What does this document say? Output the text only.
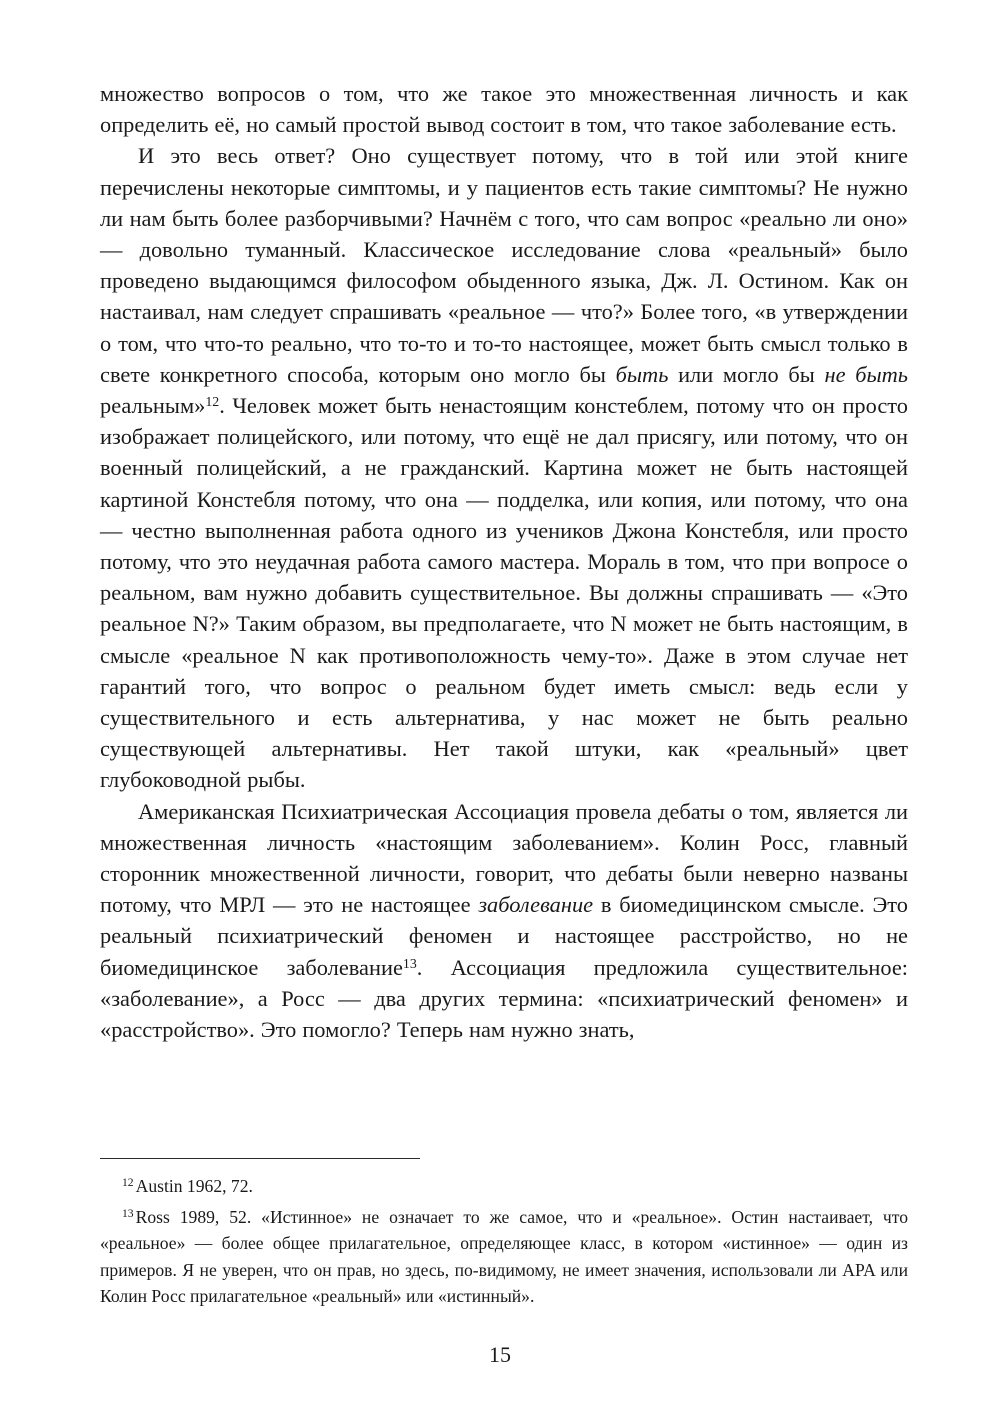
множество вопросов о том, что же такое это множественная личность и как определить её, но самый простой вывод состоит в том, что такое заболевание есть.

И это весь ответ? Оно существует потому, что в той или этой книге перечислены некоторые симптомы, и у пациентов есть такие симптомы? Не нужно ли нам быть более разборчивыми? Начнём с того, что сам вопрос «реально ли оно» — довольно туманный. Классическое исследование слова «реальный» было проведено выдающимся философом обыденного языка, Дж. Л. Остином. Как он настаивал, нам следует спрашивать «реальное — что?» Более того, «в утверждении о том, что что-то реально, что то-то и то-то настоящее, может быть смысл только в свете конкретного способа, которым оно могло бы быть или могло бы не быть реальным»$^{12}$. Человек может быть ненастоящим констеблем, потому что он просто изображает полицейского, или потому, что ещё не дал присягу, или потому, что он военный полицейский, а не гражданский. Картина может не быть настоящей картиной Констебля потому, что она — подделка, или копия, или потому, что она — честно выполненная работа одного из учеников Джона Констебля, или просто потому, что это неудачная работа самого мастера. Мораль в том, что при вопросе о реальном, вам нужно добавить существительное. Вы должны спрашивать — «Это реальное N?» Таким образом, вы предполагаете, что N может не быть настоящим, в смысле «реальное N как противоположность чему-то». Даже в этом случае нет гарантий того, что вопрос о реальном будет иметь смысл: ведь если у существительного и есть альтернатива, у нас может не быть реально существующей альтернативы. Нет такой штуки, как «реальный» цвет глубоководной рыбы.

Американская Психиатрическая Ассоциация провела дебаты о том, является ли множественная личность «настоящим заболеванием». Колин Росс, главный сторонник множественной личности, говорит, что дебаты были неверно названы потому, что МРЛ — это не настоящее заболевание в биомедицинском смысле. Это реальный психиатрический феномен и настоящее расстройство, но не биомедицинское заболевание$^{13}$. Ассоциация предложила существительное: «заболевание», а Росс — два других термина: «психиатрический феномен» и «расстройство». Это помогло? Теперь нам нужно знать,

$^{12}$ Austin 1962, 72.

$^{13}$ Ross 1989, 52. «Истинное» не означает то же самое, что и «реальное». Остин настаивает, что «реальное» — более общее прилагательное, определяющее класс, в котором «истинное» — один из примеров. Я не уверен, что он прав, но здесь, по-видимому, не имеет значения, использовали ли APA или Колин Росс прилагательное «реальный» или «истинный».

15
